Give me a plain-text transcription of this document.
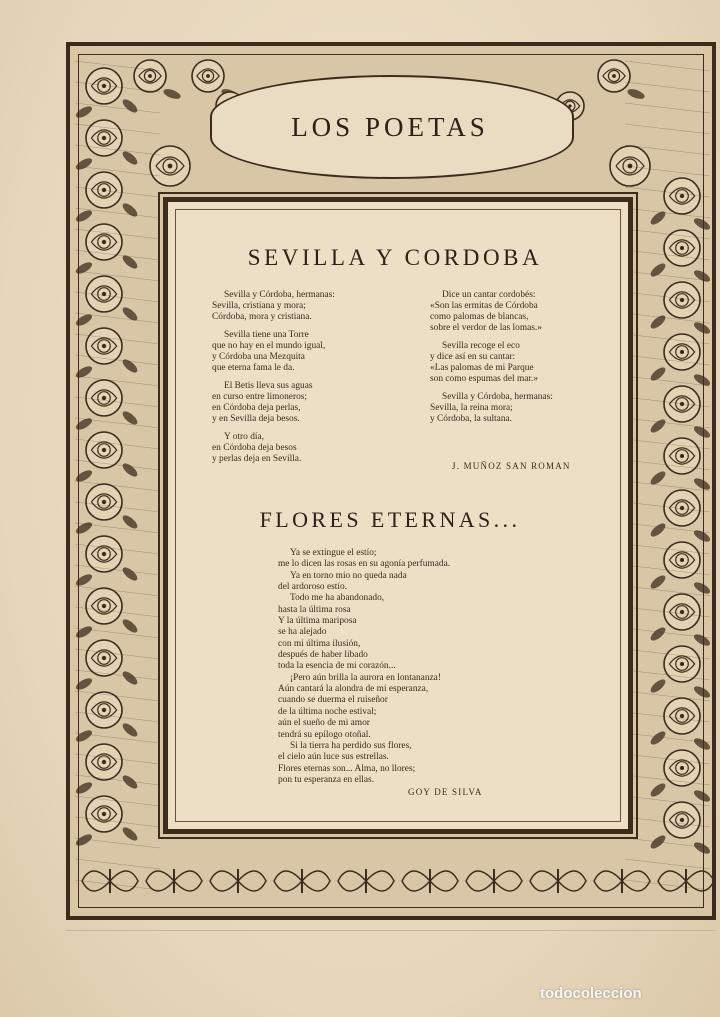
LOS POETAS
SEVILLA Y CORDOBA
Sevilla y Córdoba, hermanas:
Sevilla, cristiana y mora;
Córdoba, mora y cristiana.
Sevilla tiene una Torre
que no hay en el mundo igual,
y Córdoba una Mezquita
que eterna fama le da.
El Betis lleva sus aguas
en curso entre limoneros;
en Córdoba deja perlas,
y en Sevilla deja besos.
Y otro día,
en Córdoba deja besos
y perlas deja en Sevilla.
Dice un cantar cordobés:
«Son las ermitas de Córdoba
como palomas de blancas,
sobre el verdor de las lomas.»
Sevilla recoge el eco
y dice así en su cantar:
«Las palomas de mi Parque
son como espumas del mar.»
Sevilla y Córdoba, hermanas:
Sevilla, la reina mora;
y Córdoba, la sultana.
J. MUÑOZ SAN ROMAN
FLORES ETERNAS...
Ya se extingue el estío;
me lo dicen las rosas en su agonía perfumada.
Ya en torno mío no queda nada
del ardoroso estío.
Todo me ha abandonado,
hasta la última rosa
Y la última mariposa
se ha alejado
con mi última ilusión,
después de haber libado
toda la esencia de mi corazón...
¡Pero aún brilla la aurora en lontananza!
Aún cantará la alondra de mi esperanza,
cuando se duerma el ruiseñor
de la última noche estival;
aún el sueño de mi amor
tendrá su epílogo otoñal.
Si la tierra ha perdido sus flores,
el cielo aún luce sus estrellas.
Flores eternas son... Alma, no llores;
pon tu esperanza en ellas.
GOY DE SILVA
todocoleccion
